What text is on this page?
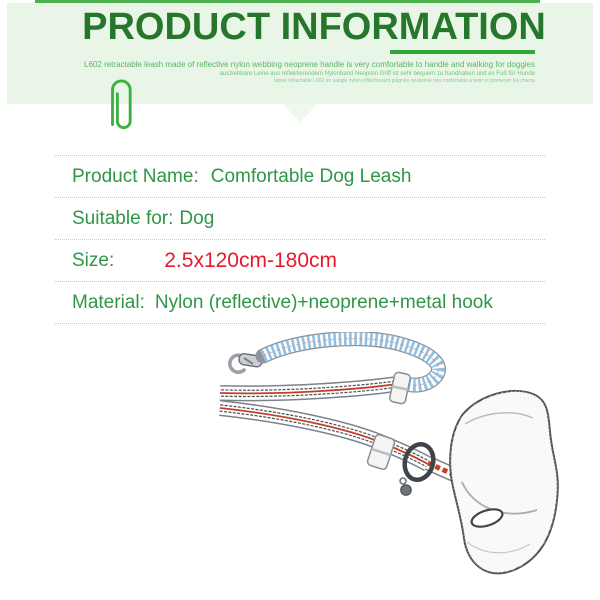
PRODUCT INFORMATION
L602 retractable leash made of reflective nylon webbing neoprene handle is very comfortable to handle and walking for doggies
ausziehbare Leine aus reflektierendem Nylonband Neopren Griff ist sehr bequem zu handhaben und es Fuß für Hunde
laisse rétractable L602 en sangle nylon réfléchissant poignée néoprène très confortable à tenir et promener les chiens
Product Name: Comfortable Dog Leash
Suitable for: Dog
Size: 2.5x120cm-180cm
Material: Nylon (reflective)+neoprene+metal hook
